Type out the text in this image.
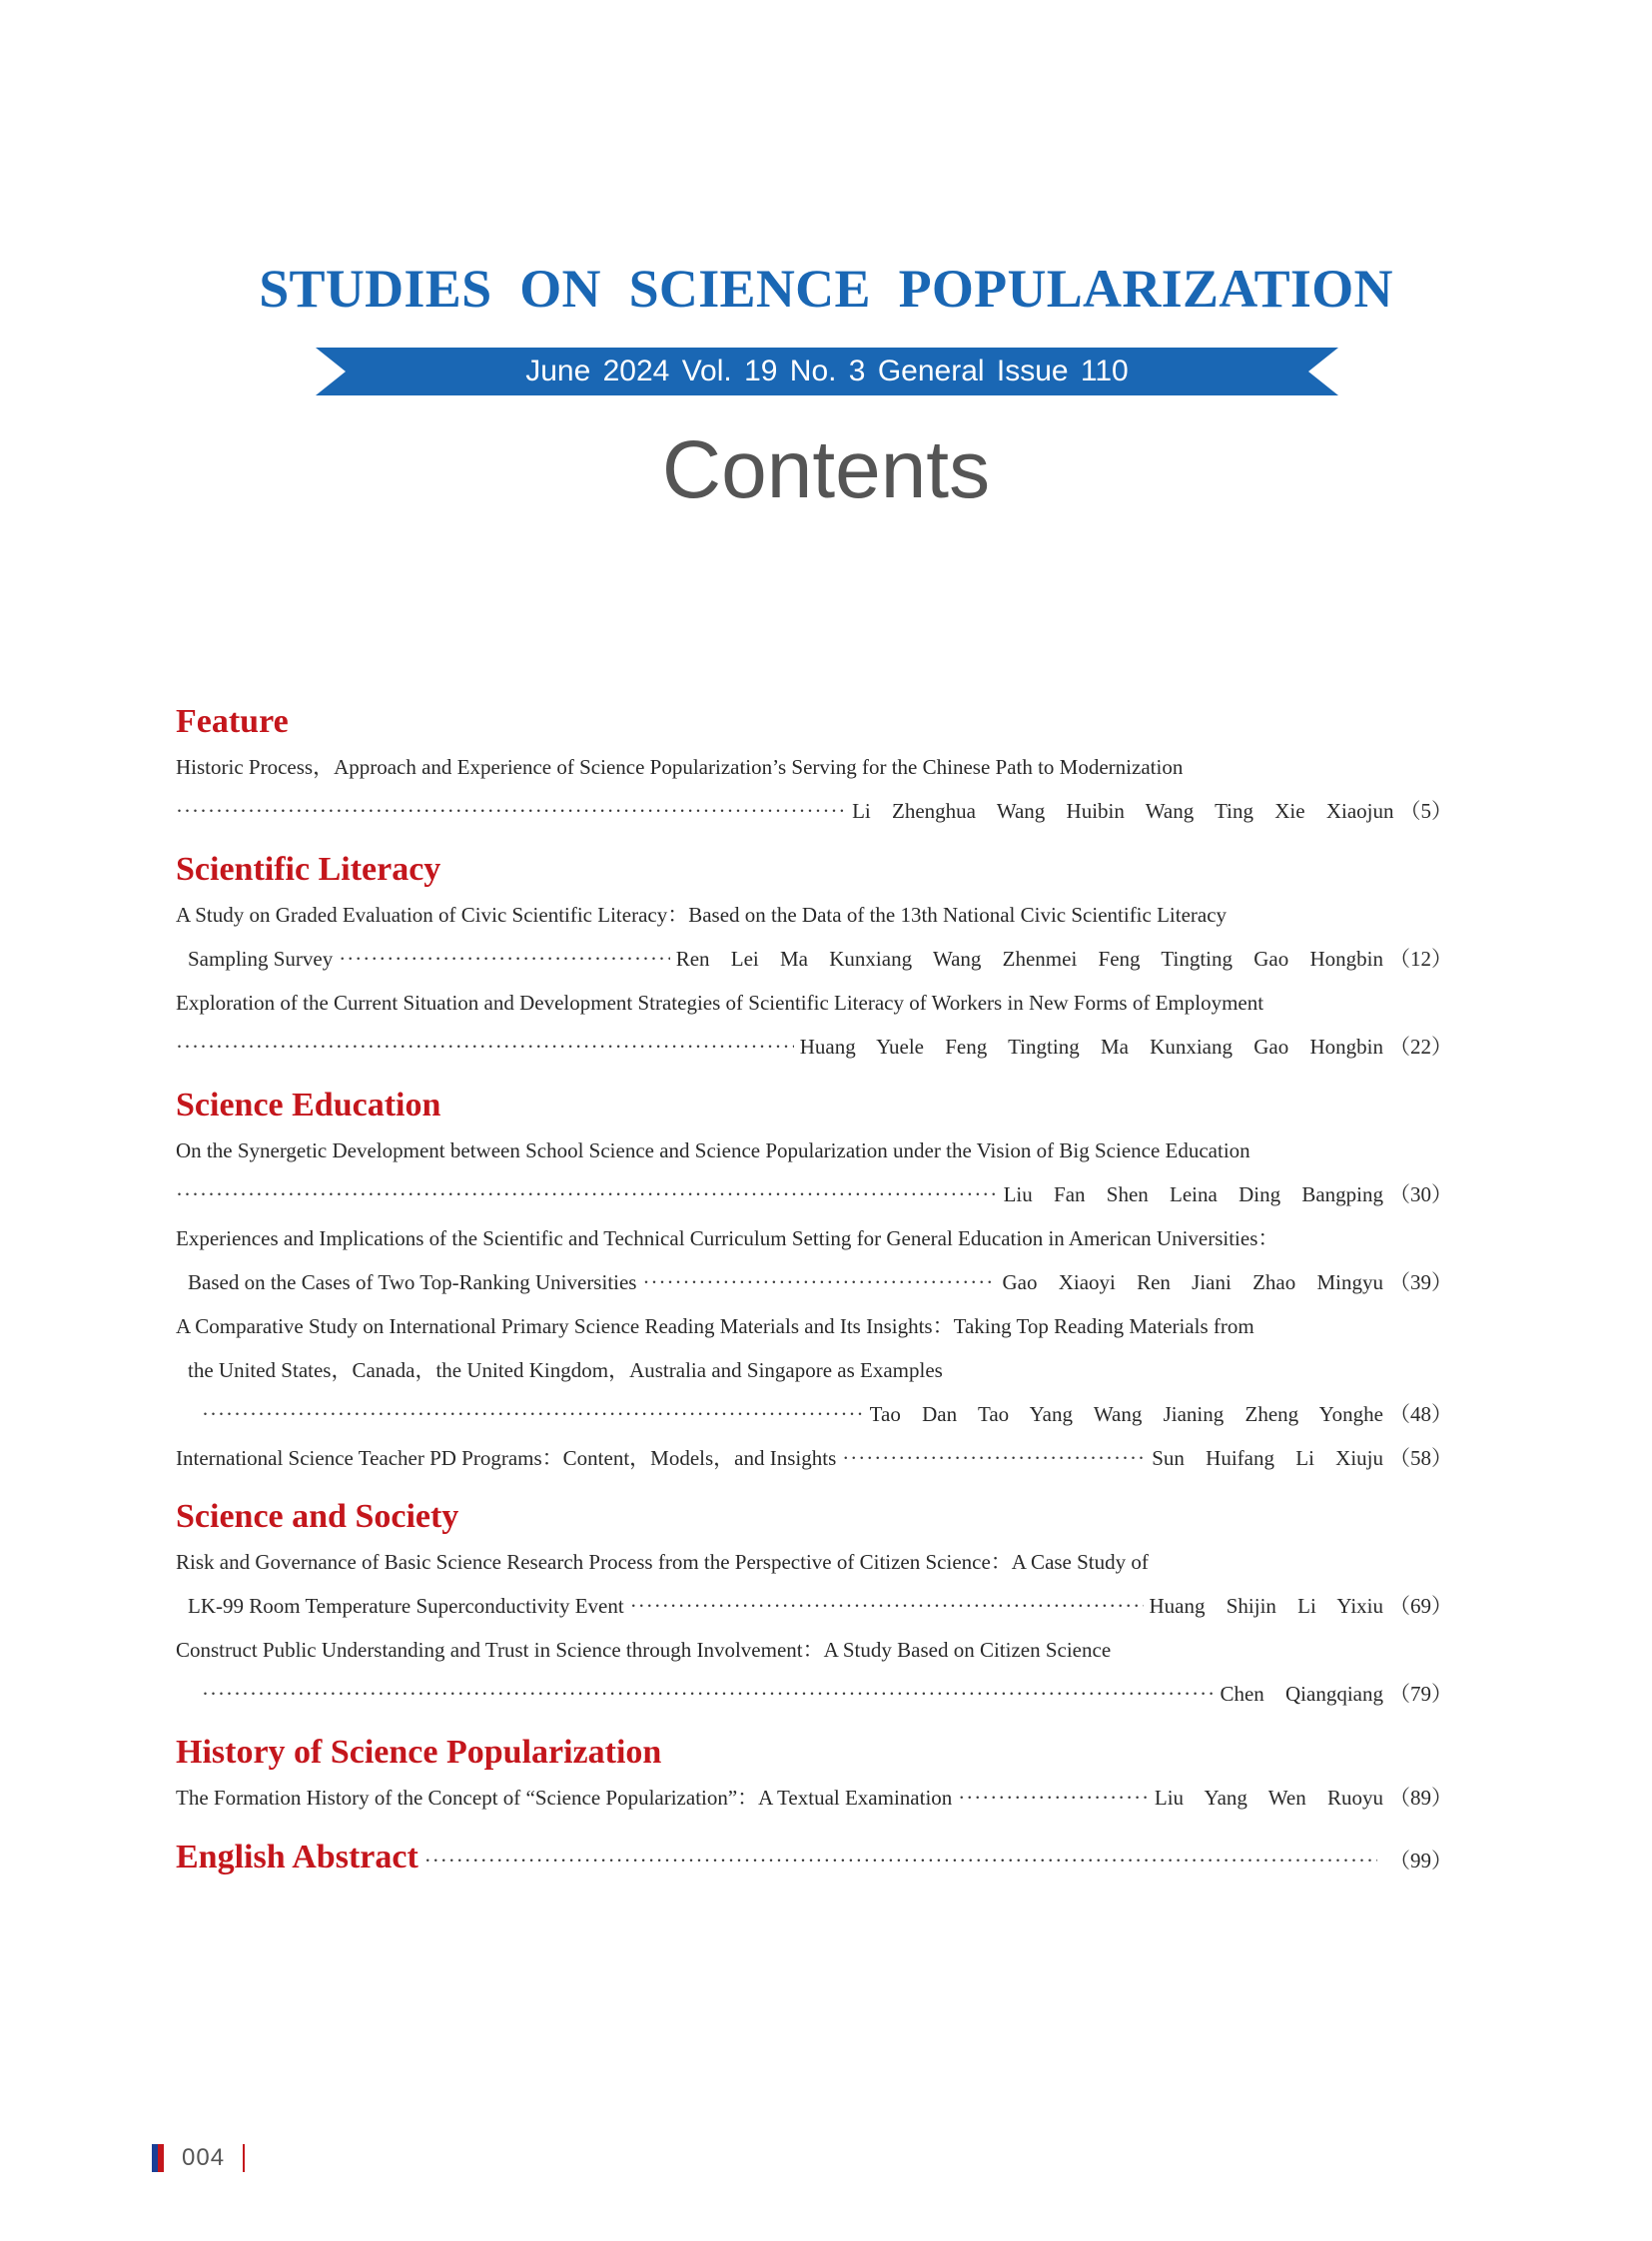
STUDIES ON SCIENCE POPULARIZATION
June 2024 Vol. 19 No. 3 General Issue 110
Contents
Feature
Historic Process，Approach and Experience of Science Popularization’s Serving for the Chinese Path to Modernization
·····
Li Zhenghua Wang Huibin Wang Ting Xie Xiaojun （5）
Scientific Literacy
A Study on Graded Evaluation of Civic Scientific Literacy：Based on the Data of the 13th National Civic Scientific Literacy
Sampling Survey ·····	Ren Lei Ma Kunxiang Wang Zhenmei Feng Tingting Gao Hongbin （12）
Exploration of the Current Situation and Development Strategies of Scientific Literacy of Workers in New Forms of Employment
·····
Huang Yuele Feng Tingting Ma Kunxiang Gao Hongbin （22）
Science Education
On the Synergetic Development between School Science and Science Popularization under the Vision of Big Science Education
·····
Liu Fan Shen Leina Ding Bangping （30）
Experiences and Implications of the Scientific and Technical Curriculum Setting for General Education in American Universities：
Based on the Cases of Two Top-Ranking Universities ·····	Gao Xiaoyi Ren Jiani Zhao Mingyu （39）
A Comparative Study on International Primary Science Reading Materials and Its Insights：Taking Top Reading Materials from
the United States，Canada，the United Kingdom，Australia and Singapore as Examples
·····
Tao Dan Tao Yang Wang Jianing Zheng Yonghe （48）
International Science Teacher PD Programs：Content，Models，and Insights ·····	Sun Huifang Li Xiuju （58）
Science and Society
Risk and Governance of Basic Science Research Process from the Perspective of Citizen Science：A Case Study of
LK-99 Room Temperature Superconductivity Event ·····	Huang Shijin Li Yixiu （69）
Construct Public Understanding and Trust in Science through Involvement：A Study Based on Citizen Science
·····
Chen Qiangqiang （79）
History of Science Popularization
The Formation History of the Concept of “Science Popularization”：A Textual Examination ·····	Liu Yang Wen Ruoyu （89）
English Abstract ·····	（99）
004
